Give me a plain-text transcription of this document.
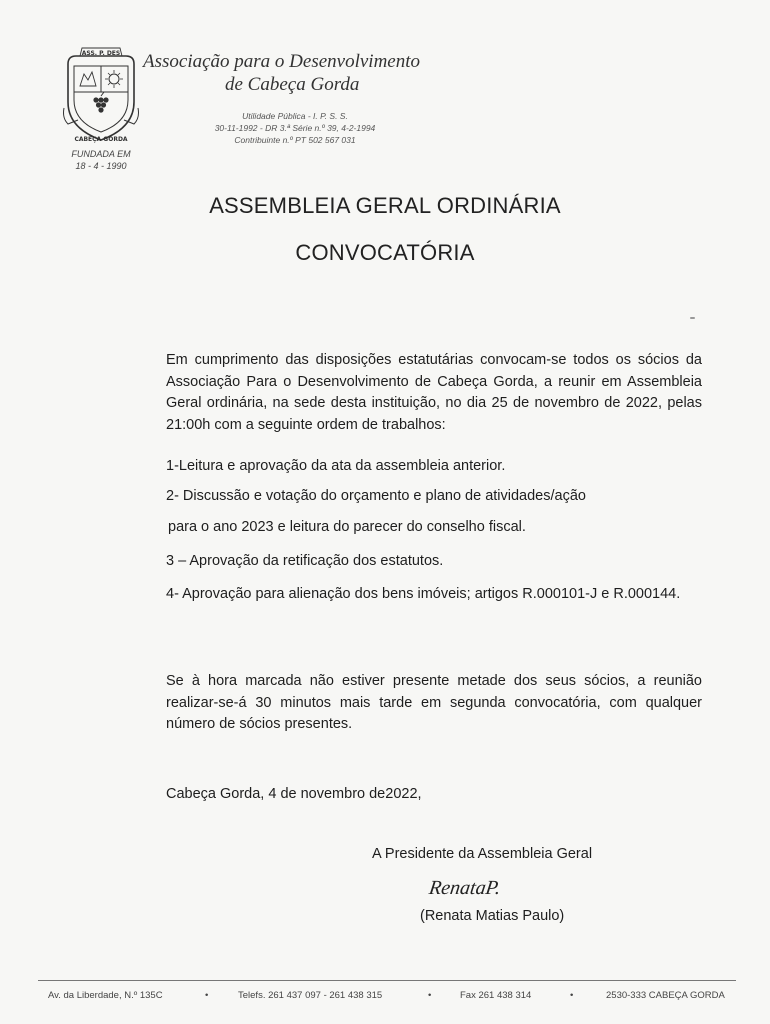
ASS. P. DES
CABEÇA GORDA
FUNDADA EM
18 - 4 - 1990
Associação para o Desenvolvimento
de Cabeça Gorda
Utilidade Pública - I. P. S. S.
30-11-1992 - DR 3.ª Série n.º 39, 4-2-1994
Contribuinte n.º PT 502 567 031
ASSEMBLEIA GERAL ORDINÁRIA
CONVOCATÓRIA
Em cumprimento das disposições estatutárias convocam-se todos os sócios da Associação Para o Desenvolvimento de Cabeça Gorda, a reunir em Assembleia Geral ordinária, na sede desta instituição, no dia 25 de novembro de 2022, pelas 21:00h com a seguinte ordem de trabalhos:
1-Leitura e aprovação da ata da assembleia anterior.
2- Discussão e votação do orçamento e plano de atividades/ação
para o ano 2023 e leitura do parecer do conselho fiscal.
3 – Aprovação da retificação dos estatutos.
4- Aprovação para alienação dos bens imóveis; artigos R.000101-J e R.000144.
Se à hora marcada não estiver presente metade dos seus sócios, a reunião realizar-se-á 30 minutos mais tarde em segunda convocatória, com qualquer número de sócios presentes.
Cabeça Gorda, 4 de novembro de2022,
A Presidente da Assembleia Geral
RenataP.
(Renata Matias Paulo)
Av. da Liberdade, N.º 135C	•	Telefs. 261 437 097 - 261 438 315	•	Fax 261 438 314	•	2530-333 CABEÇA GORDA
